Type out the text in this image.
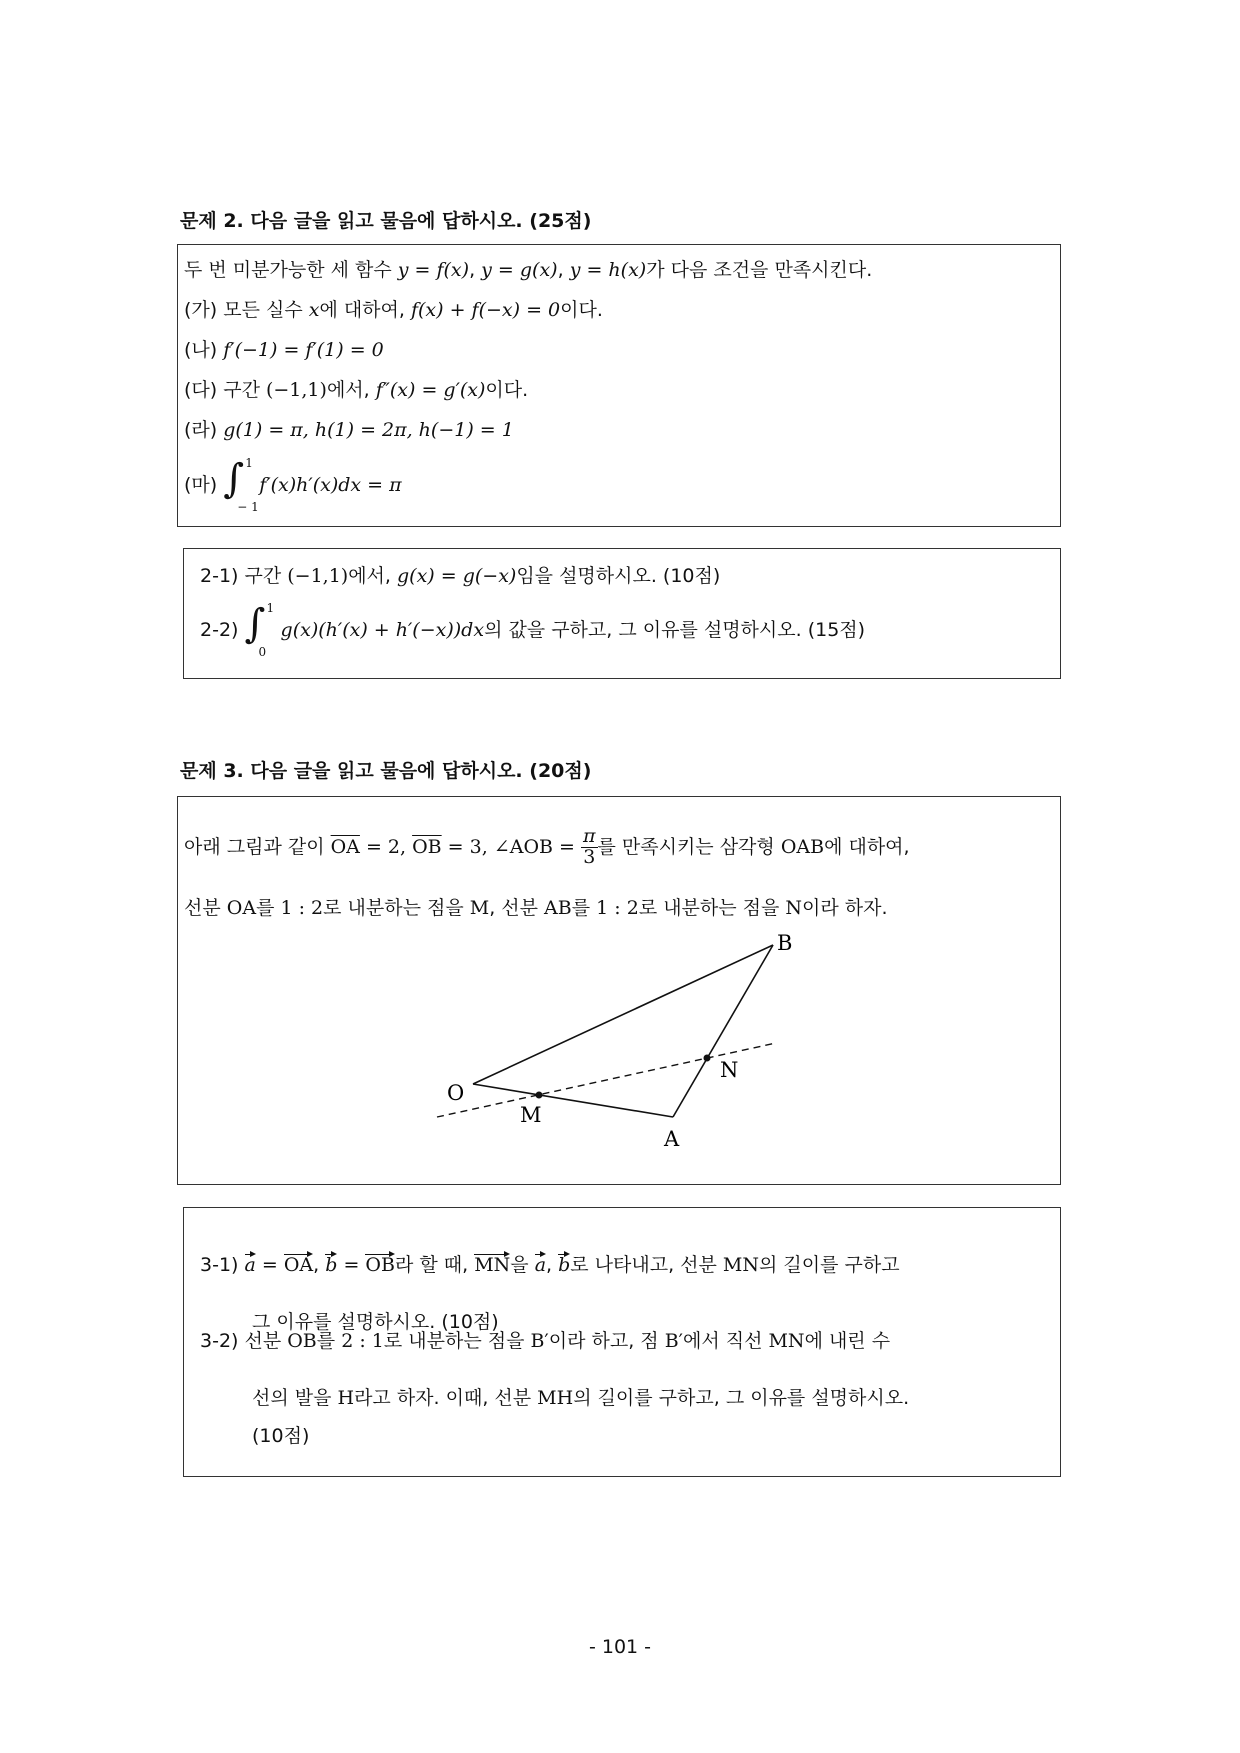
문제 2. 다음 글을 읽고 물음에 답하시오. (25점)

두 번 미분가능한 세 함수 y = f(x), y = g(x), y = h(x)가 다음 조건을 만족시킨다.

(가) 모든 실수 x에 대하여, f(x) + f(−x) = 0이다.

(나) f′(−1) = f′(1) = 0

(다) 구간 (−1,1)에서, f″(x) = g′(x)이다.

(라) g(1) = π, h(1) = 2π, h(−1) = 1

(마) ∫ 1
− 1
f′(x)h′(x)dx = π

2-1) 구간 (−1,1)에서, g(x) = g(−x)임을 설명하시오. (10점)

2-2) ∫ 1
0
g(x)(h′(x) + h′(−x))dx의 값을 구하고, 그 이유를 설명하시오. (15점)

문제 3. 다음 글을 읽고 물음에 답하시오. (20점)

아래 그림과 같이 $\overline{OA} = 2$, $\overline{OB} = 3$, ∠AOB = $\frac{\pi}{3}$ 를 만족시키는 삼각형 OAB에 대하여,

선분 OA를 1 : 2로 내분하는 점을 M, 선분 AB를 1 : 2로 내분하는 점을 N이라 하자.

O
A
B
M
N

3-1) a = OA, b = OB라 할 때, MN을 a, b로 나타내고, 선분 MN의 길이를 구하고

그 이유를 설명하시오. (10점)

3-2) 선분 OB를 2 : 1로 내분하는 점을 B′이라 하고, 점 B′에서 직선 MN에 내린 수

선의 발을 H라고 하자. 이때, 선분 MH의 길이를 구하고, 그 이유를 설명하시오.

(10점)

- 101 -
